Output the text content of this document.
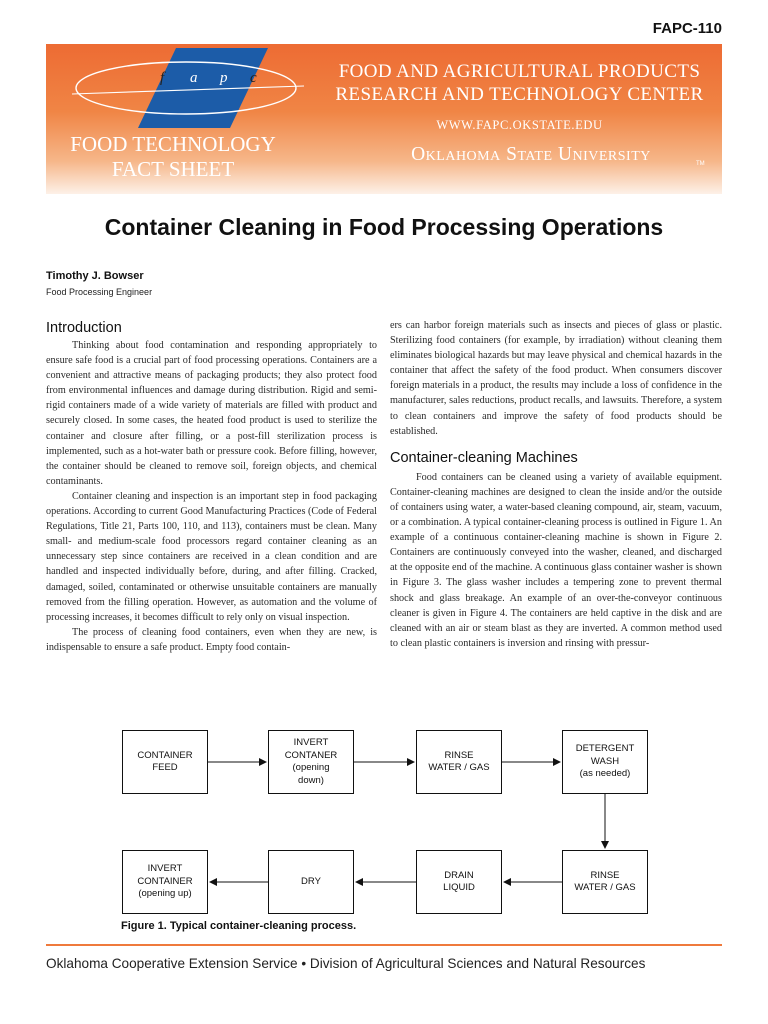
FAPC-110
f a p c
FOOD TECHNOLOGY
FACT SHEET
FOOD AND AGRICULTURAL PRODUCTS
RESEARCH AND TECHNOLOGY CENTER
WWW.FAPC.OKSTATE.EDU
Oklahoma State University	TM
Container Cleaning in Food Processing Operations
Timothy J. Bowser
Food Processing Engineer
Introduction

Thinking about food contamination and responding appropriately to ensure safe food is a crucial part of food processing operations. Containers are a convenient and attractive means of packaging products; they also protect food from environmental influences and damage during distribution. Rigid and semi-rigid containers made of a wide variety of materials are filled with product and securely closed. In some cases, the heated food product is used to sterilize the container and closure after filling, or a post-fill sterilization process is implemented, such as a hot-water bath or pressure cook. Before filling, however, the container should be cleaned to remove soil, foreign objects, and chemical contaminants.

Container cleaning and inspection is an important step in food packaging operations. According to current Good Manufacturing Practices (Code of Federal Regulations, Title 21, Parts 100, 110, and 113), containers must be clean. Many small- and medium-scale food processors regard container cleaning as an unnecessary step since containers are received in a clean condition and are handled and inspected individually before, during, and after filling. Cracked, damaged, soiled, contaminated or otherwise unsuitable containers are manually removed from the filling operation. However, as automation and the volume of processing increases, it becomes difficult to rely only on visual inspection.

The process of cleaning food containers, even when they are new, is indispensable to ensure a safe product. Empty food contain-

ers can harbor foreign materials such as insects and pieces of glass or plastic. Sterilizing food containers (for example, by irradiation) without cleaning them eliminates biological hazards but may leave physical and chemical hazards in the container that affect the safety of the food product. When consumers discover foreign materials in a product, the results may include a loss of confidence in the manufacturer, sales reductions, product recalls, and lawsuits. Therefore, a system to clean containers and improve the safety of food products should be established.

Container-cleaning Machines

Food containers can be cleaned using a variety of available equipment. Container-cleaning machines are designed to clean the inside and/or the outside of containers using water, a water-based cleaning compound, air, steam, vacuum, or a combination. A typical container-cleaning process is outlined in Figure 1. An example of a continuous container-cleaning machine is shown in Figure 2. Containers are continuously conveyed into the washer, cleaned, and discharged at the opposite end of the machine. A continuous glass container washer is shown in Figure 3. The glass washer includes a tempering zone to prevent thermal shock and glass breakage. An example of an over-the-conveyor continuous cleaner is given in Figure 4. The containers are held captive in the disk and are cleaned with an air or steam blast as they are inverted. A common method used to clean plastic containers is inversion and rinsing with pressur-

CONTAINER
FEED
INVERT
CONTANER
(opening
down)
RINSE
WATER / GAS
DETERGENT
WASH
(as needed)
RINSE
WATER / GAS
DRAIN
LIQUID
DRY
INVERT
CONTAINER
(opening up)
Figure 1. Typical container-cleaning process.
Oklahoma Cooperative Extension Service • Division of Agricultural Sciences and Natural Resources
